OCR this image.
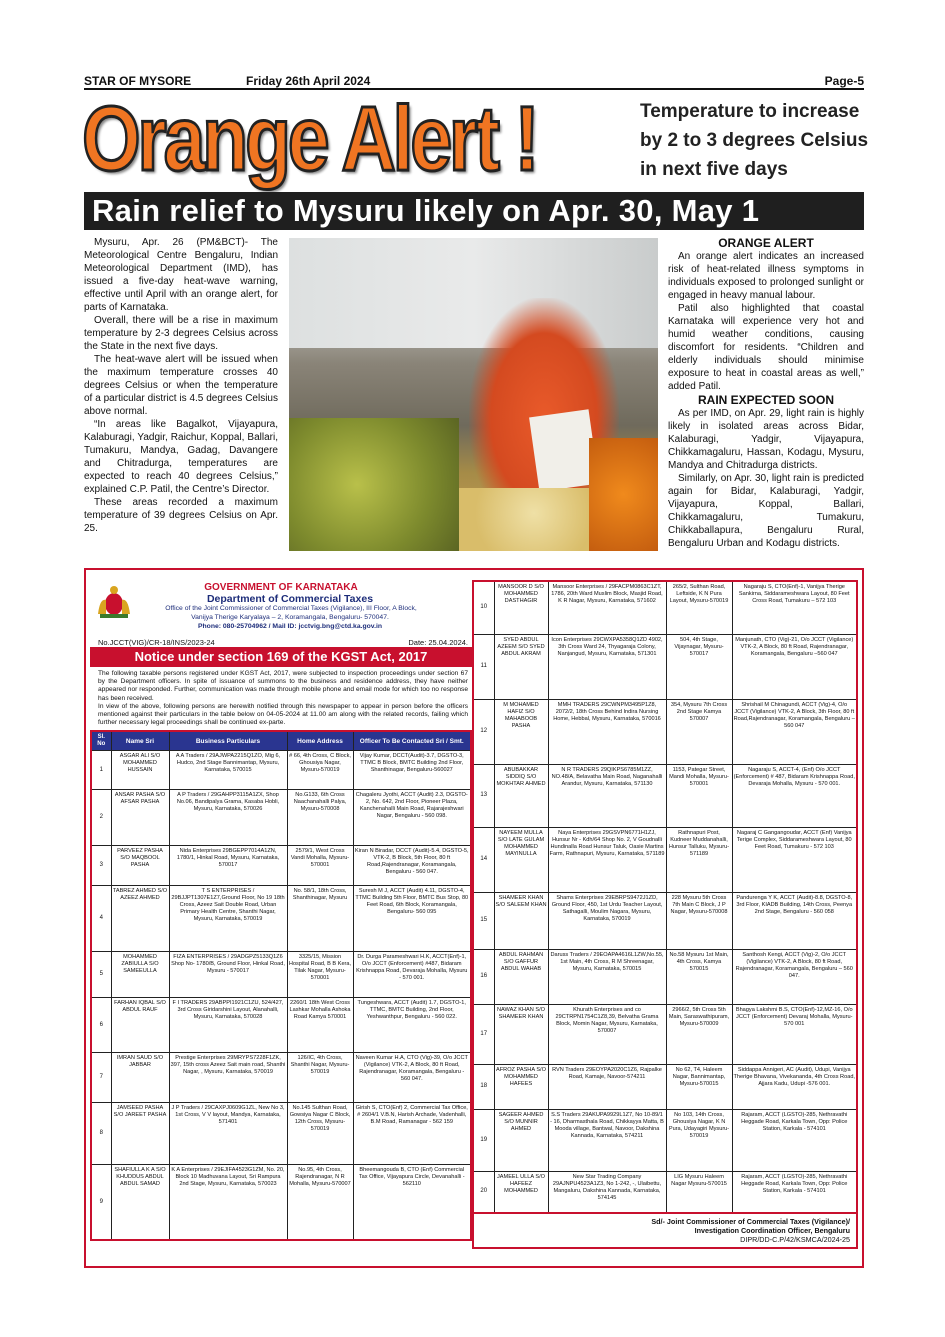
STAR OF MYSORE	Friday 26th April 2024	Page-5
Orange Alert !	Temperature to increase
by 2 to 3 degrees Celsius
in next five days
Rain relief to Mysuru likely on Apr. 30, May 1

Mysuru, Apr. 26 (PM&BCT)- The Meteorological Centre Bengaluru, Indian Meteorological Department (IMD), has issued a five-day heat-wave warning, effective until April with an orange alert, for parts of Karnataka.

Overall, there will be a rise in maximum temperature by 2-3 degrees Celsius across the State in the next five days.

The heat-wave alert will be issued when the maximum temperature crosses 40 degrees Celsius or when the temperature of a particular district is 4.5 degrees Celsius above normal.

“In areas like Bagalkot, Vijayapura, Kalaburagi, Yadgir, Raichur, Koppal, Ballari, Tumakuru, Mandya, Gadag, Davangere and Chitradurga, temperatures are expected to reach 40 degrees Celsius,” explained C.P. Patil, the Centre’s Director.

These areas recorded a maximum temperature of 39 degrees Celsius on Apr. 25.

ORANGE ALERT

An orange alert indicates an increased risk of heat-related illness symptoms in individuals exposed to prolonged sunlight or engaged in heavy manual labour.

Patil also highlighted that coastal Karnataka will experience very hot and humid weather conditions, causing discomfort for residents. “Children and elderly individuals should minimise exposure to heat in coastal areas as well,” added Patil.

RAIN EXPECTED SOON

As per IMD, on Apr. 29, light rain is highly likely in isolated areas across Bidar, Kalaburagi, Yadgir, Vijayapura, Chikkamagaluru, Hassan, Kodagu, Mysuru, Mandya and Chitradurga districts.

Similarly, on Apr. 30, light rain is predicted again for Bidar, Kalaburagi, Yadgir, Vijayapura, Koppal, Ballari, Chikkamagaluru, Tumakuru, Chikkaballapura, Bengaluru Rural, Bengaluru Urban and Kodagu districts.

GOVERNMENT OF KARNATAKA
Department of Commercial Taxes
Office of the Joint Commissioner of Commercial Taxes (Vigilance), III Floor, A Block,
Vanijya Therige Karyalaya – 2, Koramangala, Bengaluru- 570047.
Phone: 080-25704962 / Mail ID: jcctvig.bng@ctd.ka.gov.in
No.JCCT(VIG)/CR-18/INS/2023-24	Date: 25.04.2024.
Notice under section 169 of the KGST Act, 2017
The following taxable persons registered under KGST Act, 2017, were subjected to inspection proceedings under section 67 by the Department officers. In spite of issuance of summons to the business and residence address, they have neither appeared nor responded. Further, communication was made through mobile phone and email mode for which too no response has been received.
In view of the above, following persons are herewith notified through this newspaper to appear in person before the officers mentioned against their particulars in the table below on 04-05-2024 at 11.00 am along with the related records, failing which further necessary legal proceedings shall be continued ex-parte.
Sl. No	Name Sri	Business Particulars	Home Address	Officer To Be Contacted Sri / Smt.
1	ASGAR ALI S/O MOHAMMED HUSSAIN	A A Traders / 29AJWPA2215Q1ZO, Mig 6, Hudco, 2nd Stage Bannimantap, Mysuru, Karnataka, 570015	# 66, 4th Cross, C Block, Ghousiya Nagar, Mysuru-570019	Vijay Kumar, DCCT(Audit)-3.7, DGSTO-3, TTMC B Block, BMTC Building 2nd Floor, Shanthinagar, Bengaluru-560027
2	ANSAR PASHA S/O AFSAR PASHA	A P Traders / 29GAHPP3115A1ZX, Shop No.06, Bandipalya Grama, Kasaba Hobli, Mysuru, Karnataka, 570026	No.G133, 6th Cross Naachanahalli Palya, Mysuru-570008	Chagaleru Jyothi, ACCT (Audit) 2.3, DGSTO-2, No. 642, 2nd Floor, Pioneer Plaza, Kanchenahalli Main Road, Rajarajeshwari Nagar, Bengaluru - 560 098.
3	PARVEEZ PASHA S/O MAQBOOL PASHA	Nida Enterprises 29BGEPP7014A1ZN, 1780/1, Hinkal Road, Mysuru, Karnataka, 570017	2579/1, West Cross Vandi Mohalla, Mysuru-570001	Kiran N Biradar, DCCT (Audit)-5.4, DGSTO-5, VTK-2, B Block, 5th Floor, 80 ft Road,Rajendranagar, Koramangala, Bengaluru - 560 047.
4	TABREZ AHMED S/O AZEEZ AHMED	T S ENTERPRISES / 29BJJPT1307E1Z7,Ground Floor, No 19 18th Cross, Azeez Sait Double Road, Urban Primary Health Centre, Shanthi Nagar, Mysuru, Karnataka, 570019	No. 58/1, 18th Cross, Shanthinagar, Mysuru	Suresh M J, ACCT (Audit) 4.11, DGSTO-4, TTMC Building 5th Floor, BMTC Bus Stop, 80 Feet Road, 6th Block, Koramangala, Bengaluru- 560 095
5	MOHAMMED ZABIULLA S/O SAMEEULLA	FIZA ENTERPRISES / 29ADGPZ5133Q1Z6 Shop No- 1780/B, Ground Floor, Hinkal Road, Mysuru - 570017	3325/15, Mission Hospital Road, B B Kera, Tilak Nagar, Mysuru- 570001	Dr. Durga Parameshwari H.K, ACCT(Enf)-1, O/o JCCT (Enforcement) #487, Bidaram Krishnappa Road, Devaraja Mohalla, Mysuru - 570 001.
6	FARHAN IQBAL S/O ABDUL RAUF	F I TRADERS 29ABPPI1921C1ZU, 524/427, 3rd Cross Giridarshini Layout, Alanahalli, Mysuru, Karnataka, 570028	2260/1 18th West Cross Lashkar Mohalla Ashoka Road Kamya 570001	Tungeshwara, ACCT (Audit) 1.7, DGSTO-1, TTMC, BMTC Building, 2nd Floor, Yeshwanthpur, Bengaluru - 560 022.
7	IMRAN SAUD S/O JABBAR	Prestige Enterprises 29MRYPS7228F1ZK, 397, 15th cross Azeez Sait main road, Shanthi Nagar, , Mysuru, Karnataka, 570019	126/IC, 4th Cross, Shanthi Nagar, Mysuru-570019	Naveen Kumar H.A, CTO (Vig)-39, O/o JCCT (Vigilance) VTK-2, A Block, 80 ft Road, Rajendranagar, Koramangala, Bengaluru - 560 047.
8	JAMSEED PASHA S/O JAREET PASHA	J P Traders / 29CAXPJ0609G1ZL, New No 3, 1st Cross, V V layout, Mandya, Karnataka, 571401	No.145 Sulthan Road, Gowsiya Nagar C Block, 12th Cross, Mysuru-570019	Girish S, CTO(Enf) 2, Commercial Tax Office, # 2604/1 V.B.N, Harish Archade, Vadenhalli, B.M Road, Ramanagar - 562 159
9	SHAFIULLA K A S/O KHUDDUS ABDUL ABDUL SAMAD	K A Enterprises / 29EJIFA4523G1ZM, No. 20, Block 10 Madhuvana Layout, Sri Rampura 2nd Stage, Mysuru, Karnataka, 570023	No.95, 4th Cross, Rajendranagar, N R Mohalla, Mysuru-570007	Bheemangouda B, CTO (Enf) Commercial Tax Office, Vijayapura Circle, Devanahalli - 562110
10	MANSOOR D S/O MOHAMMED DASTHAGIR	Mansoor Enterprises / 29FACPM0863C1ZT, 1786, 20th Ward Muslim Block, Masjid Road, K R Nagar, Mysuru, Karnataka, 571602	265/2, Sulthan Road, Leftside, K N Pura Layout, Mysuru-570019	Nagaraju S, CTO(Enf)-1, Vanijya Therige Sankirna, Siddarameshwara Layout, 80 Feet Cross Road, Tumakuru – 572 103
11	SYED ABDUL AZEEM S/O SYED ABDUL AKRAM	Icon Enterprises 29CWXPA5358Q1ZD 4902, 3th Cross Ward 24, Thyagaraja Colony, Nanjangud, Mysuru, Karnataka, 571301	504, 4th Stage, Vijaynagar, Mysuru-570017	Manjunath, CTO (Vig)-21, O/o JCCT (Vigilance) VTK-2, A Block, 80 ft Road, Rajendranagar, Koramangala, Bengaluru –560 047
12	M MOHAMED HAFIZ S/O MAHABOOB PASHA	MMH TRADERS 29CWNPM3495P1Z8, 2072/2, 18th Cross Behind Indira Nursing Home, Hebbal, Mysuru, Karnataka, 570016	354, Mysuru 7th Cross 2nd Stage Kamya 570007	Shrishail M Chinagundi, ACCT (Vig)-4, O/o JCCT (Vigilance) VTK-2, A Block, 3th Floor, 80 ft Road,Rajendranagar, Koramangala, Bengaluru –560 047
13	ABUBAKKAR SIDDIQ S/O MOKHTAR AHMED	N R TRADERS 29QIKPS6785M1ZZ, NO.48/A, Belavatha Main Road, Naganahalli Arandur, Mysuru, Karnataka, 571130	1153, Pategar Street, Mandi Mohalla, Mysuru-570001	Nagaraju S, ACCT-4, (Enf) O/o JCCT (Enforcement) # 487, Bidaram Krishnappa Road, Devaraja Mohalla, Mysuru - 570 001.
14	NAYEEM MULLA S/O LATE GULAM MOHAMMED MAYINULLA	Naya Enterprises 29GSVPN6771H1ZJ, Hunsur Nr - Kdh/64 Shop No. 2, V Goudnalli Hundinalla Road Hunsur Taluk, Oasie Martins Farm, Rathnapuri, Mysuru, Karnataka, 571189	Rathnapuri Post, Kudneer Muddanahalli, Hunsur Talluku, Mysuru-571189	Nagaraj C Gangangoudar, ACCT (Enf) Vanijya Terige Complex, Siddarameshwara Layout, 80 Feet Road, Tumakuru - 572 103
15	SHAMEER KHAN S/O SALEEM KHAN	Shams Enterprises 29EBRPS9472J1ZD, Ground Floor, 450, 1st Urdu Teacher Layout, Sathagalli, Moulim Nagara, Mysuru, Karnataka, 570019	228 Mysuru 5th Cross 7th Main C Block, J P Nagar, Mysuru-570008	Pandurenga Y K, ACCT (Audit)-8.8, DGSTO-8, 3rd Floor, KIADB Building, 14th Cross, Peenya 2nd Stage, Bengaluru - 560 058
16	ABDUL RAHMAN S/O GAFFUR ABDUL WAHAB	Daruss Traders / 29EOAPA4616L1ZW,No.55, 1st Main, 4th Cross, R M Shreenagar, Mysuru, Karnataka, 570015	No.58 Mysuru 1st Main, 4th Cross, Kamya 570015	Santhosh Kengi, ACCT (Vig)-2, O/o JCCT (Vigilance) VTK-2, A Block, 80 ft Road, Rajendranagar, Koramangala, Bengaluru – 560 047.
17	NAWAZ KHAN S/O SHAMEER KHAN	Khurath Enterprises and co 29CTRPN1754C1Z8,39, Belvatha Grama Block, Momin Nagar, Mysuru, Karnataka, 570007	2966/2, 5th Cross 5th Main, Saraswathipuram, Mysuru-570009	Bhagya Lakshmi B.S, CTO(Enf)-12,MZ-16, O/o JCCT (Enforcement) Devaraj Mohalla, Mysuru-570 001
18	AFROZ PASHA S/O MOHAMMED HAFEES	RVN Traders 29EOYPA2020C1Z6, Rajpalke Road, Kamaje, Navoor-574211	No 62, T4, Haleem Nagar, Bannimantap, Mysuru-570015	Siddappa Annigeri, AC (Audit), Udupi, Vanijya Therige Bhavana, Vivekananda, 4th Cross Road, Ajjara Kadu, Udupi -576 001.
19	SAGEER AHMED S/O MUNNIR AHMED	S.S Traders 29AKUPA9929L1Z7, No 10-89/1 - 16, Dharmasthala Road, Chikkayya Matta, B Mooda village, Bantwal, Navoor, Dakshina Kannada, Karnataka, 574211	No 103, 14th Cross, Ghousiya Nagar, K N Pura, Udayagiri Mysuru-570019	Rajaram, ACCT (LGSTO)-285, Nethravathi Heggade Road, Karkala Town, Opp: Police Station, Karkala - 574101
20	JAMEEL ULLA S/O HAFEEZ MOHAMMED	New Star Trading Company 29AJNPU4523A1Z3, No 1-242, -, Ulaibettu, Mangaluru, Dakshina Kannada, Karnataka, 574145	LIG Mysuru Haleem Nagar Mysuru-570015	Rajaram, ACCT (LGSTO)-285, Nethravathi Heggade Road, Karkala Town, Opp: Police Station, Karkala - 574101
Sd/- Joint Commissioner of Commercial Taxes (Vigilance)/
Investigation Coordination Officer, Bengaluru
DIPR/DD-C.P/42/KSMCA/2024-25
